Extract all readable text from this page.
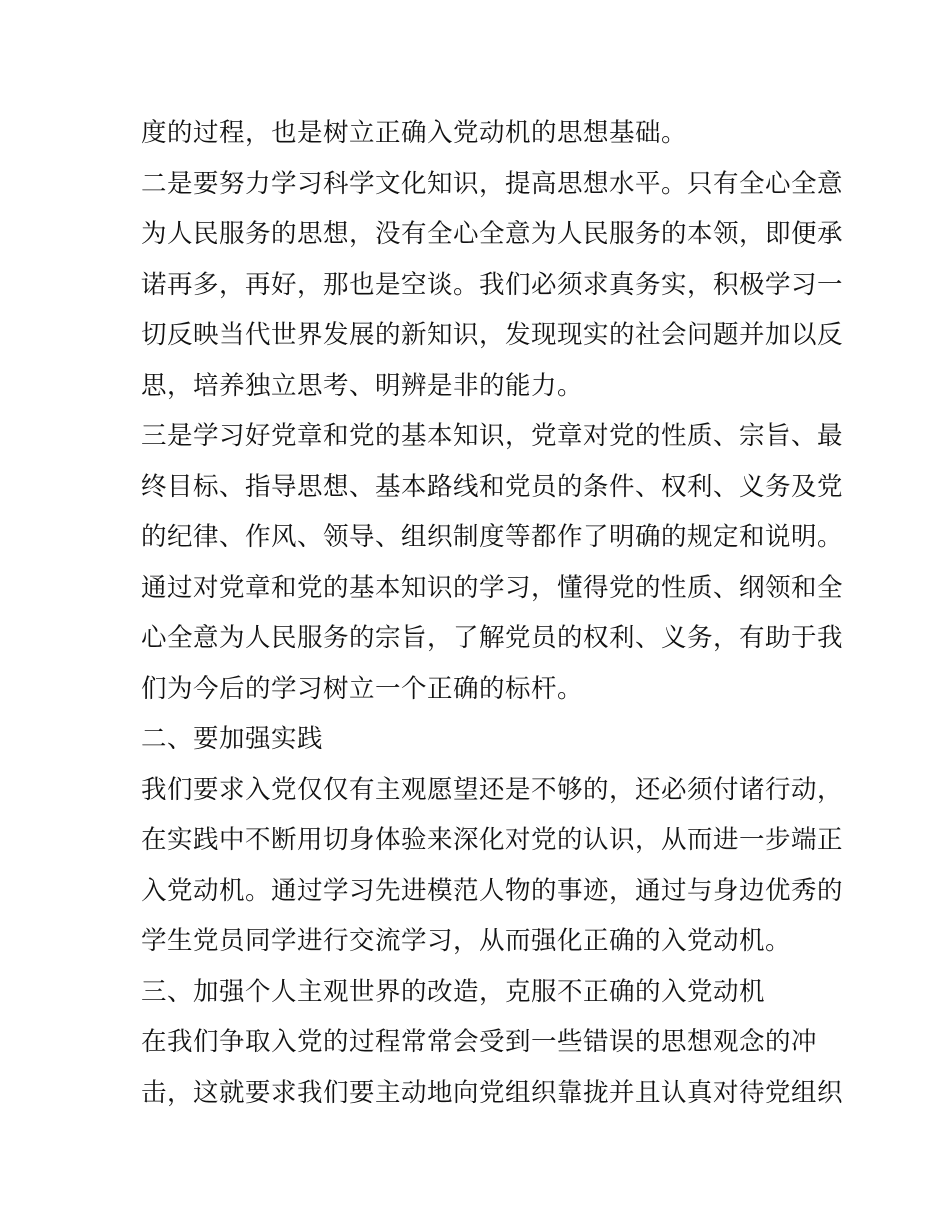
度的过程，也是树立正确入党动机的思想基础。
二是要努力学习科学文化知识，提高思想水平。只有全心全意
为人民服务的思想，没有全心全意为人民服务的本领，即便承
诺再多，再好，那也是空谈。我们必须求真务实，积极学习一
切反映当代世界发展的新知识，发现现实的社会问题并加以反
思，培养独立思考、明辨是非的能力。
三是学习好党章和党的基本知识，党章对党的性质、宗旨、最
终目标、指导思想、基本路线和党员的条件、权利、义务及党
的纪律、作风、领导、组织制度等都作了明确的规定和说明。
通过对党章和党的基本知识的学习，懂得党的性质、纲领和全
心全意为人民服务的宗旨，了解党员的权利、义务，有助于我
们为今后的学习树立一个正确的标杆。
二、要加强实践
我们要求入党仅仅有主观愿望还是不够的，还必须付诸行动，
在实践中不断用切身体验来深化对党的认识，从而进一步端正
入党动机。通过学习先进模范人物的事迹，通过与身边优秀的
学生党员同学进行交流学习，从而强化正确的入党动机。
三、加强个人主观世界的改造，克服不正确的入党动机
在我们争取入党的过程常常会受到一些错误的思想观念的冲
击，这就要求我们要主动地向党组织靠拢并且认真对待党组织
